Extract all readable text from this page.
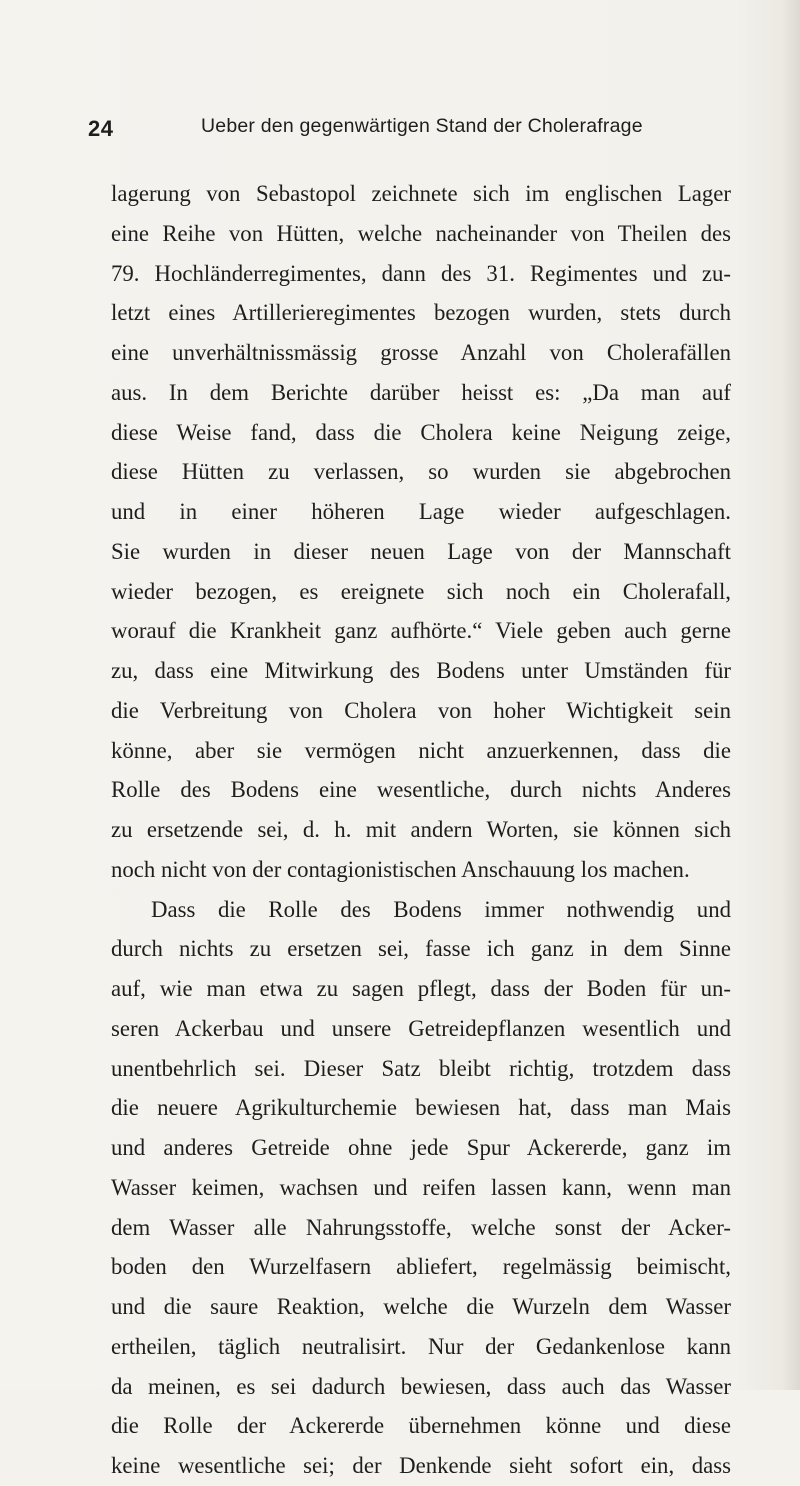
24	Ueber den gegenwärtigen Stand der Cholerafrage
lagerung von Sebastopol zeichnete sich im englischen Lager
eine Reihe von Hütten, welche nacheinander von Theilen des
79. Hochländerregimentes, dann des 31. Regimentes und zu-
letzt eines Artillerieregimentes bezogen wurden, stets durch
eine unverhältnissmässig grosse Anzahl von Cholerafällen
aus. In dem Berichte darüber heisst es: „Da man auf
diese Weise fand, dass die Cholera keine Neigung zeige,
diese Hütten zu verlassen, so wurden sie abgebrochen
und in einer höheren Lage wieder aufgeschlagen.
Sie wurden in dieser neuen Lage von der Mannschaft
wieder bezogen, es ereignete sich noch ein Cholerafall,
worauf die Krankheit ganz aufhörte.“ Viele geben auch gerne
zu, dass eine Mitwirkung des Bodens unter Umständen für
die Verbreitung von Cholera von hoher Wichtigkeit sein
könne, aber sie vermögen nicht anzuerkennen, dass die
Rolle des Bodens eine wesentliche, durch nichts Anderes
zu ersetzende sei, d. h. mit andern Worten, sie können sich
noch nicht von der contagionistischen Anschauung los machen.
Dass die Rolle des Bodens immer nothwendig und
durch nichts zu ersetzen sei, fasse ich ganz in dem Sinne
auf, wie man etwa zu sagen pflegt, dass der Boden für un-
seren Ackerbau und unsere Getreidepflanzen wesentlich und
unentbehrlich sei. Dieser Satz bleibt richtig, trotzdem dass
die neuere Agrikulturchemie bewiesen hat, dass man Mais
und anderes Getreide ohne jede Spur Ackererde, ganz im
Wasser keimen, wachsen und reifen lassen kann, wenn man
dem Wasser alle Nahrungsstoffe, welche sonst der Acker-
boden den Wurzelfasern abliefert, regelmässig beimischt,
und die saure Reaktion, welche die Wurzeln dem Wasser
ertheilen, täglich neutralisirt. Nur der Gedankenlose kann
da meinen, es sei dadurch bewiesen, dass auch das Wasser
die Rolle der Ackererde übernehmen könne und diese
keine wesentliche sei; der Denkende sieht sofort ein, dass
